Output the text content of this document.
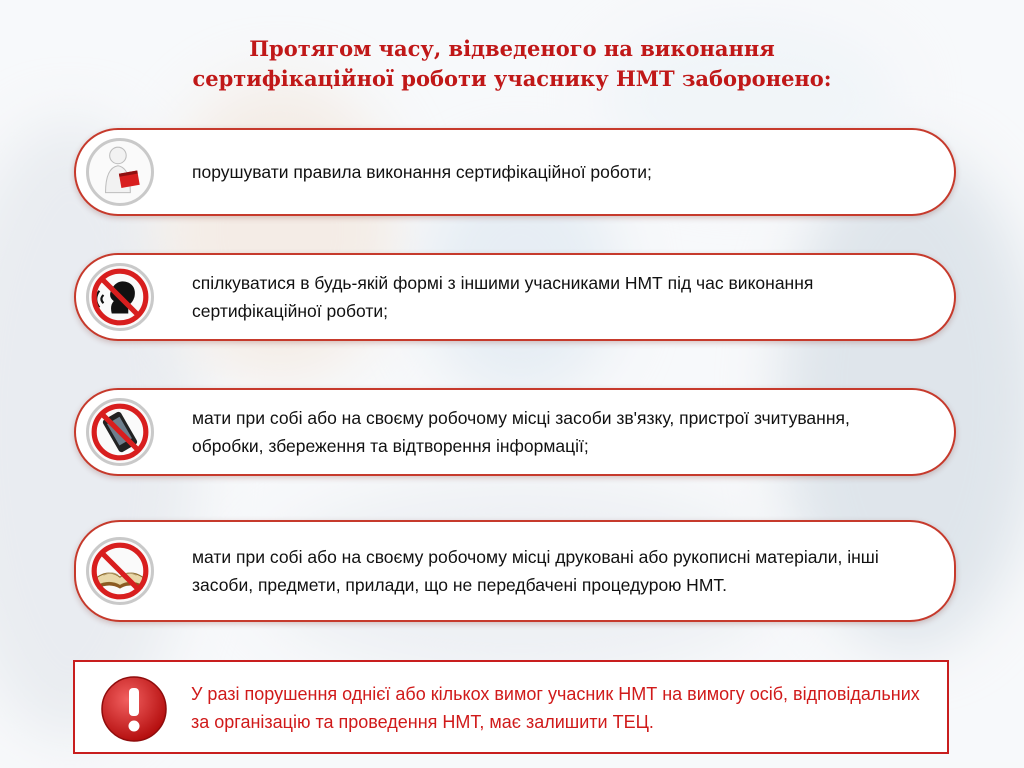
Протягом часу, відведеного на виконання
сертифікаційної роботи учаснику НМТ заборонено:
порушувати правила виконання сертифікаційної роботи;
спілкуватися в будь-якій формі з іншими учасниками НМТ під час виконання сертифікаційної роботи;
мати при собі або на своєму робочому місці засоби зв'язку, пристрої зчитування, обробки, збереження та відтворення інформації;
мати при собі або на своєму робочому місці друковані або рукописні матеріали, інші засоби, предмети, прилади, що не передбачені процедурою НМТ.
У разі порушення однієї або кількох вимог учасник НМТ на вимогу осіб, відповідальних за організацію та проведення НМТ, має залишити ТЕЦ.
